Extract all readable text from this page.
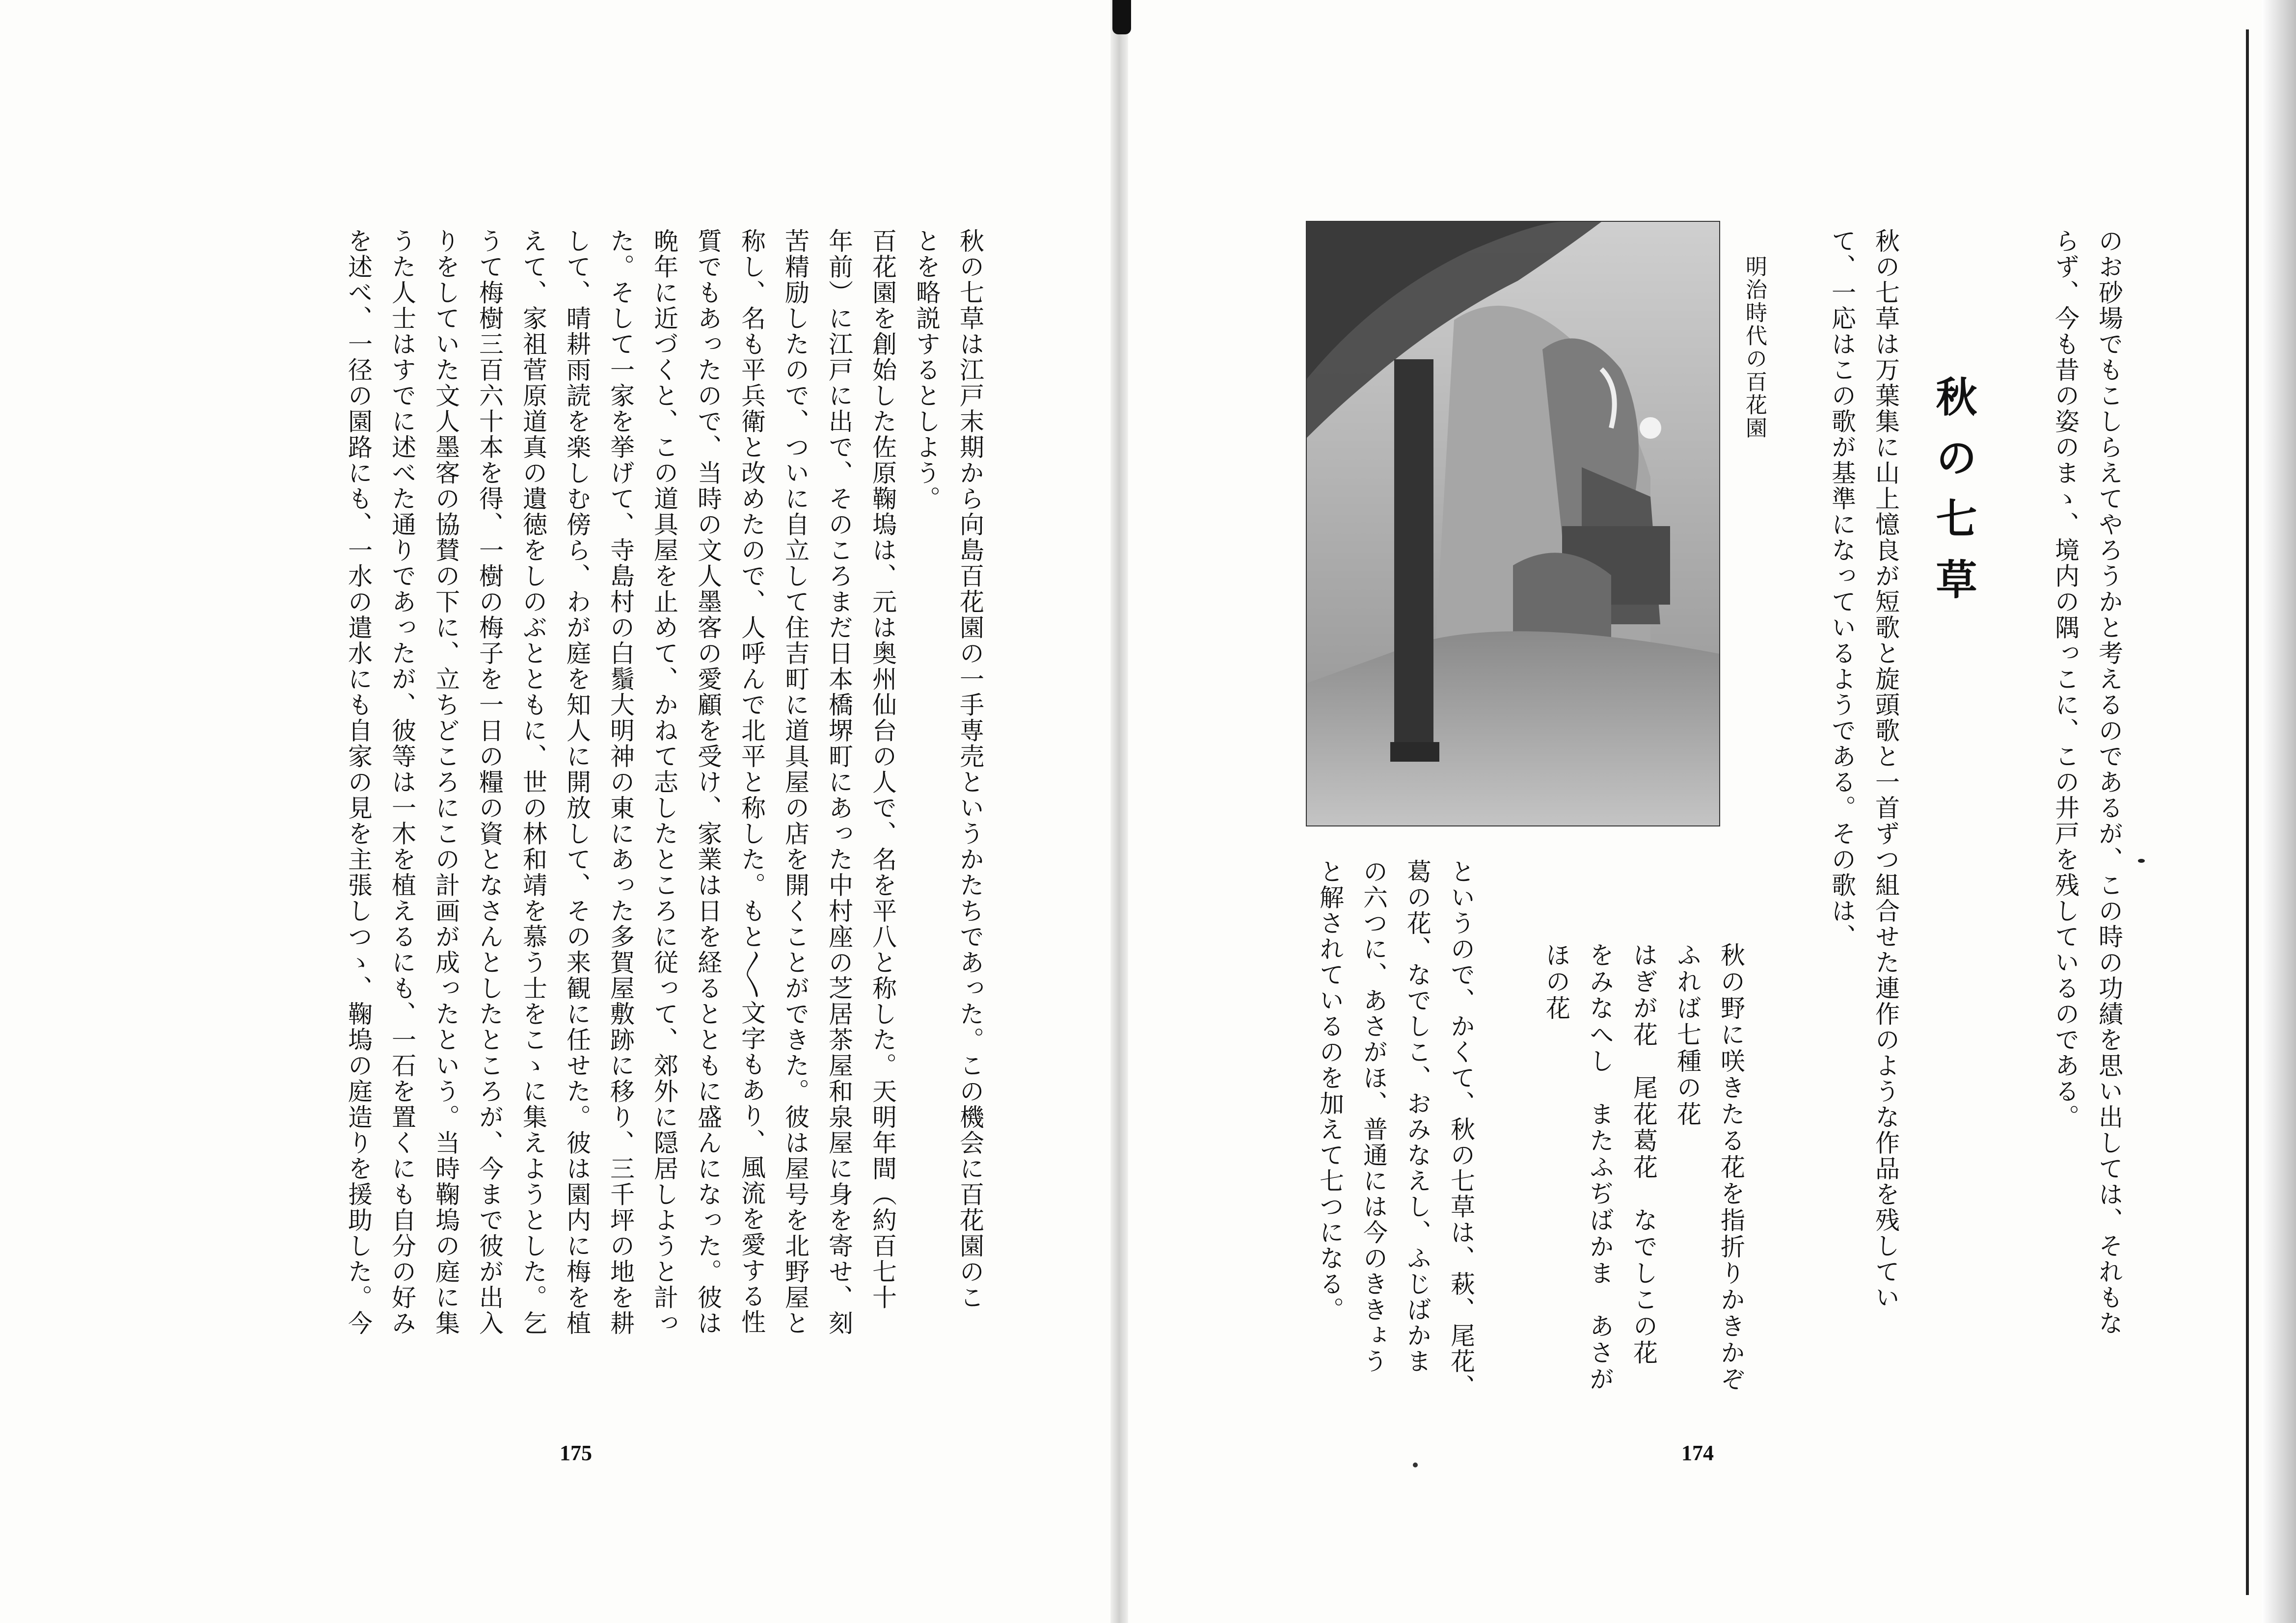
秋の七草は江戸末期から向島百花園の一手専売というかたちであった。この機会に百花園のこ

とを略説するとしよう。

百花園を創始した佐原鞠塢は、元は奥州仙台の人で、名を平八と称した。天明年間（約百七十

年前）に江戸に出で、そのころまだ日本橋堺町にあった中村座の芝居茶屋和泉屋に身を寄せ、刻

苦精励したので、ついに自立して住吉町に道具屋の店を開くことができた。彼は屋号を北野屋と

称し、名も平兵衛と改めたので、人呼んで北平と称した。もと〳〵文字もあり、風流を愛する性

質でもあったので、当時の文人墨客の愛顧を受け、家業は日を経るとともに盛んになった。彼は

晩年に近づくと、この道具屋を止めて、かねて志したところに従って、郊外に隠居しようと計っ

た。そして一家を挙げて、寺島村の白鬚大明神の東にあった多賀屋敷跡に移り、三千坪の地を耕

して、晴耕雨読を楽しむ傍ら、わが庭を知人に開放して、その来観に任せた。彼は園内に梅を植

えて、家祖菅原道真の遺徳をしのぶとともに、世の林和靖を慕う士をこゝに集えようとした。乞

うて梅樹三百六十本を得、一樹の梅子を一日の糧の資となさんとしたところが、今まで彼が出入

りをしていた文人墨客の協賛の下に、立ちどころにこの計画が成ったという。当時鞠塢の庭に集

うた人士はすでに述べた通りであったが、彼等は一木を植えるにも、一石を置くにも自分の好み

を述べ、一径の園路にも、一水の遣水にも自家の見を主張しつゝ、鞠塢の庭造りを援助した。今

175

のお砂場でもこしらえてやろうかと考えるのであるが、この時の功績を思い出しては、それもな

らず、今も昔の姿のまゝ、境内の隅っこに、この井戸を残しているのである。

秋の七草

秋の七草は万葉集に山上憶良が短歌と旋頭歌と一首ずつ組合せた連作のような作品を残してい

て、一応はこの歌が基準になっているようである。その歌は、

明治時代の百花園
秋の野に咲きたる花を指折りかきかぞ
ふれば七種の花
はぎが花　尾花葛花　なでしこの花
をみなへし　またふぢばかま　あさが
ほの花

というので、かくて、秋の七草は、萩、尾花、

葛の花、なでしこ、おみなえし、ふじばかま

の六つに、あさがほ、普通には今のききょう

と解されているのを加えて七つになる。

174
